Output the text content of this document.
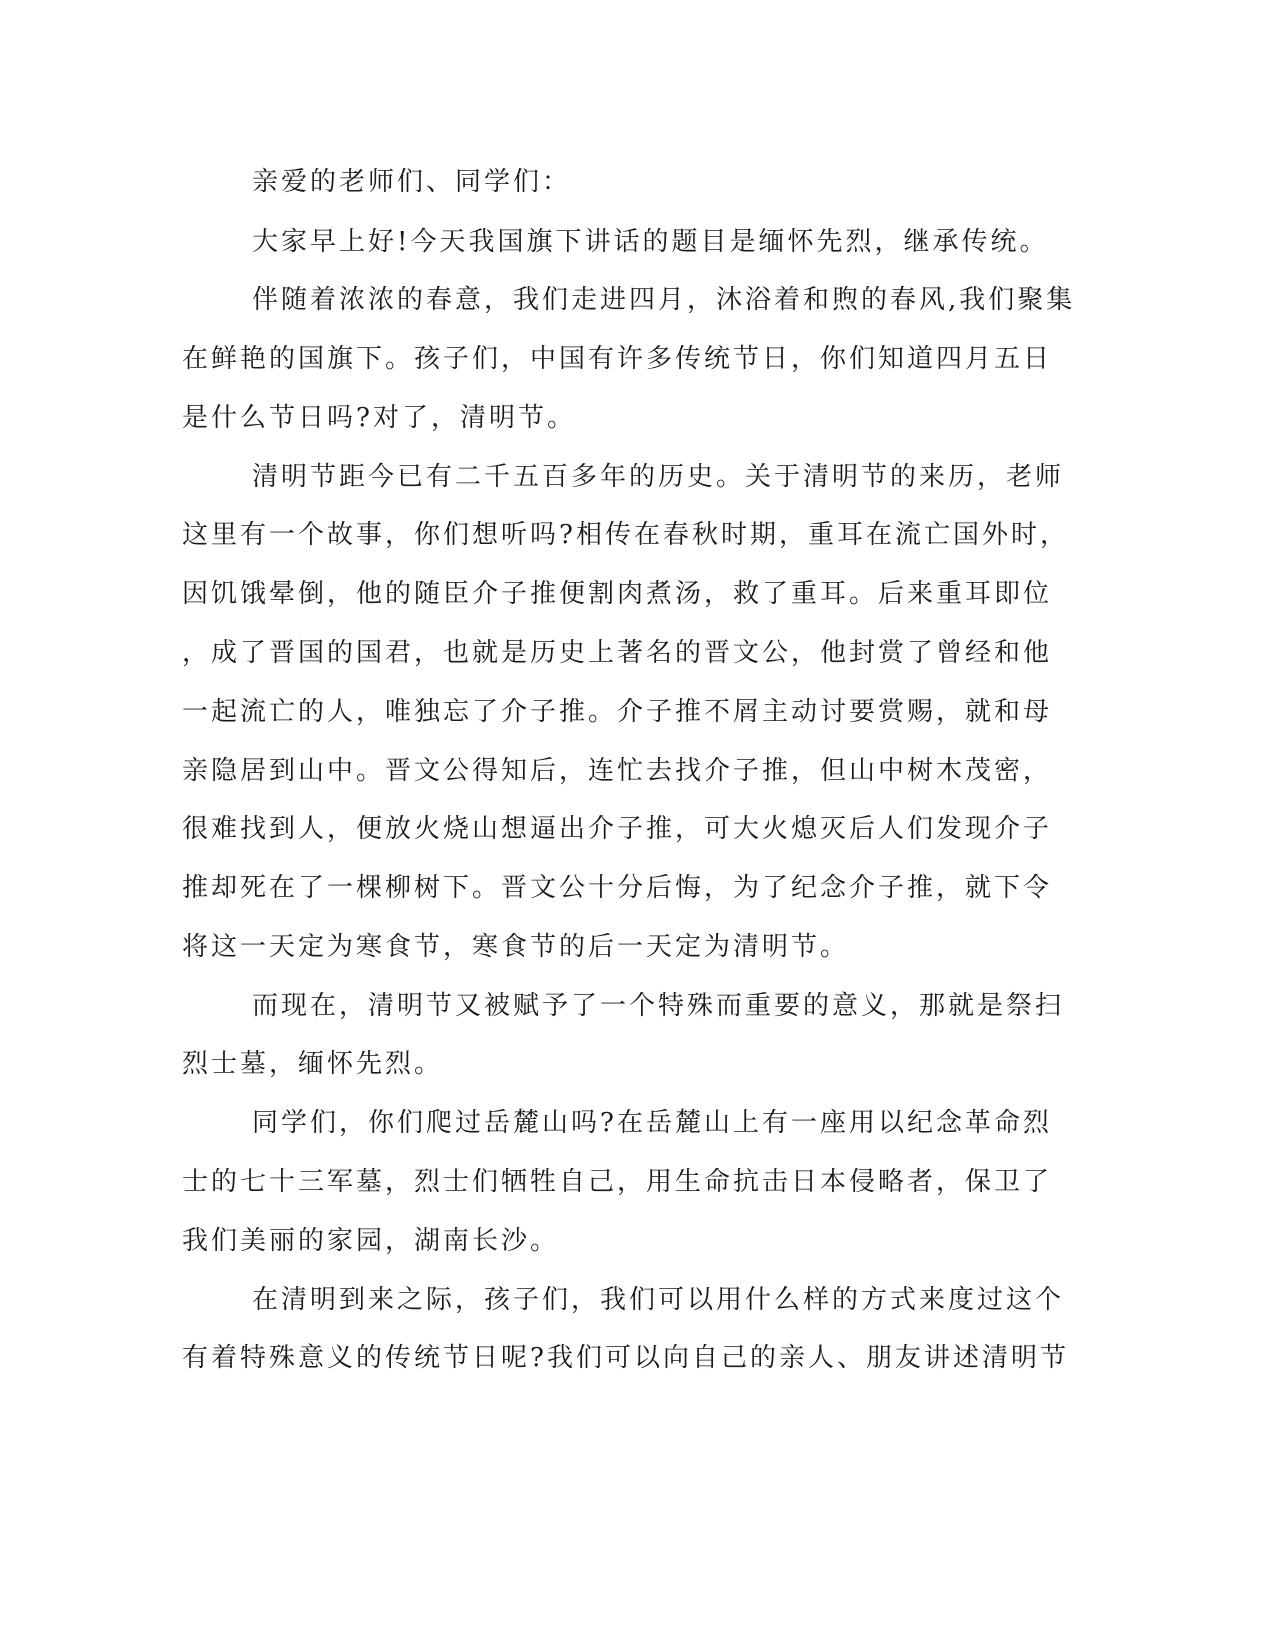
亲爱的老师们、同学们：
大家早上好!今天我国旗下讲话的题目是缅怀先烈，继承传统。
伴随着浓浓的春意，我们走进四月，沐浴着和煦的春风,我们聚集
在鲜艳的国旗下。孩子们，中国有许多传统节日，你们知道四月五日
是什么节日吗?对了，清明节。
清明节距今已有二千五百多年的历史。关于清明节的来历，老师
这里有一个故事，你们想听吗?相传在春秋时期，重耳在流亡国外时，
因饥饿晕倒，他的随臣介子推便割肉煮汤，救了重耳。后来重耳即位
，成了晋国的国君，也就是历史上著名的晋文公，他封赏了曾经和他
一起流亡的人，唯独忘了介子推。介子推不屑主动讨要赏赐，就和母
亲隐居到山中。晋文公得知后，连忙去找介子推，但山中树木茂密，
很难找到人，便放火烧山想逼出介子推，可大火熄灭后人们发现介子
推却死在了一棵柳树下。晋文公十分后悔，为了纪念介子推，就下令
将这一天定为寒食节，寒食节的后一天定为清明节。
而现在，清明节又被赋予了一个特殊而重要的意义，那就是祭扫
烈士墓，缅怀先烈。
同学们，你们爬过岳麓山吗?在岳麓山上有一座用以纪念革命烈
士的七十三军墓，烈士们牺牲自己，用生命抗击日本侵略者，保卫了
我们美丽的家园，湖南长沙。
在清明到来之际，孩子们，我们可以用什么样的方式来度过这个
有着特殊意义的传统节日呢?我们可以向自己的亲人、朋友讲述清明节
